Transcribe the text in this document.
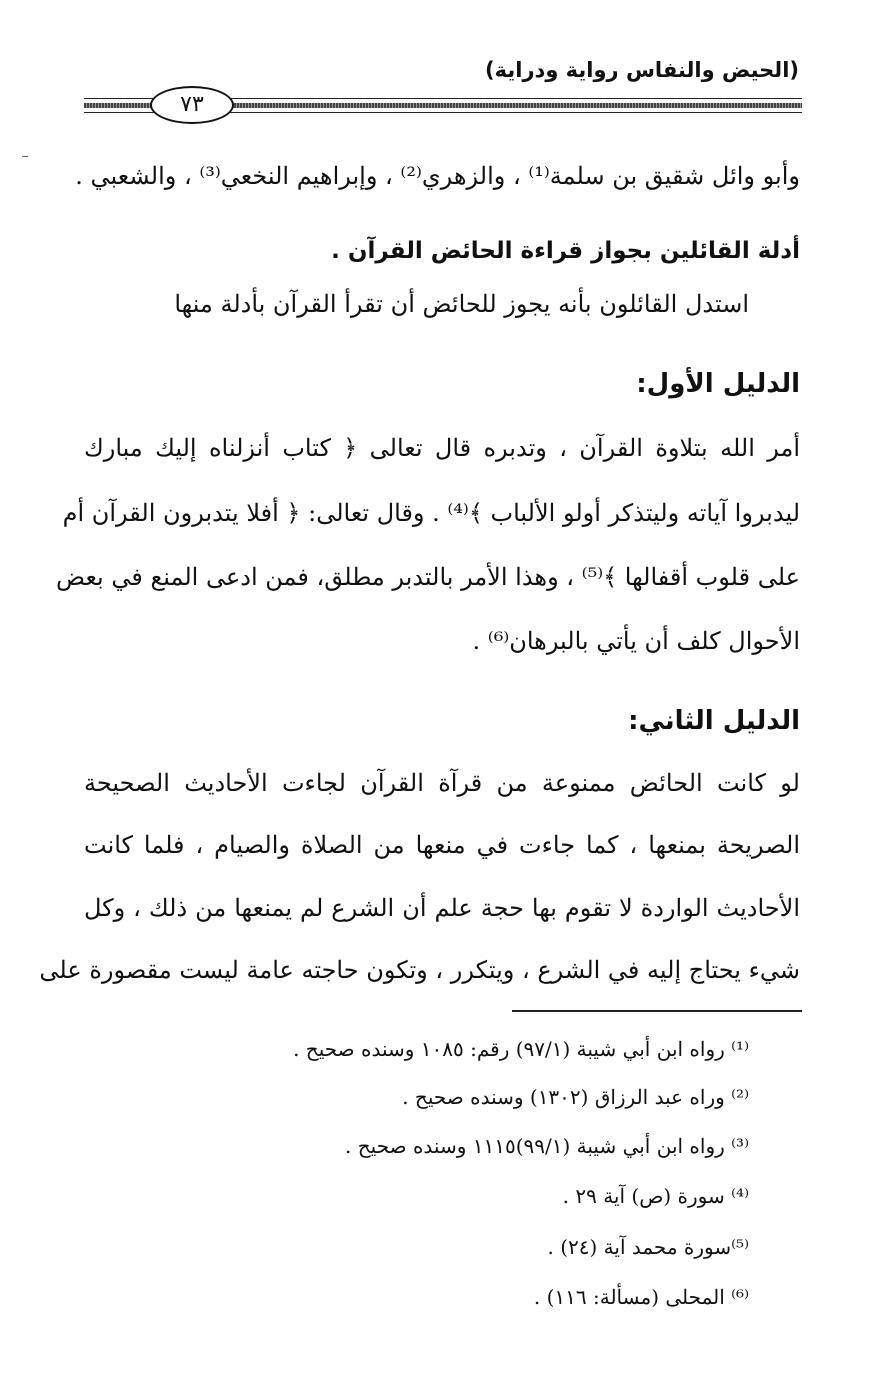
(الحيض والنفاس رواية ودراية)
٧٣
وأبو وائل شقيق بن سلمة⁽¹⁾ ، والزهري⁽²⁾ ، وإبراهيم النخعي⁽³⁾ ، والشعبي .
أدلة القائلين بجواز قراءة الحائض القرآن .
استدل القائلون بأنه يجوز للحائض أن تقرأ القرآن بأدلة منها
الدليل الأول:
أمر الله بتلاوة القرآن ، وتدبره قال تعالى ﴿ كتاب أنزلناه إليك مبارك
ليدبروا آياته وليتذكر أولو الألباب ﴾⁽⁴⁾ . وقال تعالى: ﴿ أفلا يتدبرون القرآن أم
على قلوب أقفالها ﴾⁽⁵⁾ ، وهذا الأمر بالتدبر مطلق، فمن ادعى المنع في بعض
الأحوال كلف أن يأتي بالبرهان⁽⁶⁾ .
الدليل الثاني:
لو كانت الحائض ممنوعة من قرآة القرآن لجاءت الأحاديث الصحيحة
الصريحة بمنعها ، كما جاءت في منعها من الصلاة والصيام ، فلما كانت
الأحاديث الواردة لا تقوم بها حجة علم أن الشرع لم يمنعها من ذلك ، وكل
شيء يحتاج إليه في الشرع ، ويتكرر ، وتكون حاجته عامة ليست مقصورة على
⁽¹⁾ رواه ابن أبي شيبة (٩٧/١) رقم: ١٠٨٥ وسنده صحيح .
⁽²⁾ وراه عبد الرزاق (١٣٠٢) وسنده صحيح .
⁽³⁾ رواه ابن أبي شيبة (٩٩/١)١١١٥ وسنده صحيح .
⁽⁴⁾ سورة (ص) آية ٢٩ .
⁽⁵⁾سورة محمد آية (٢٤) .
⁽⁶⁾ المحلى (مسألة: ١١٦) .
